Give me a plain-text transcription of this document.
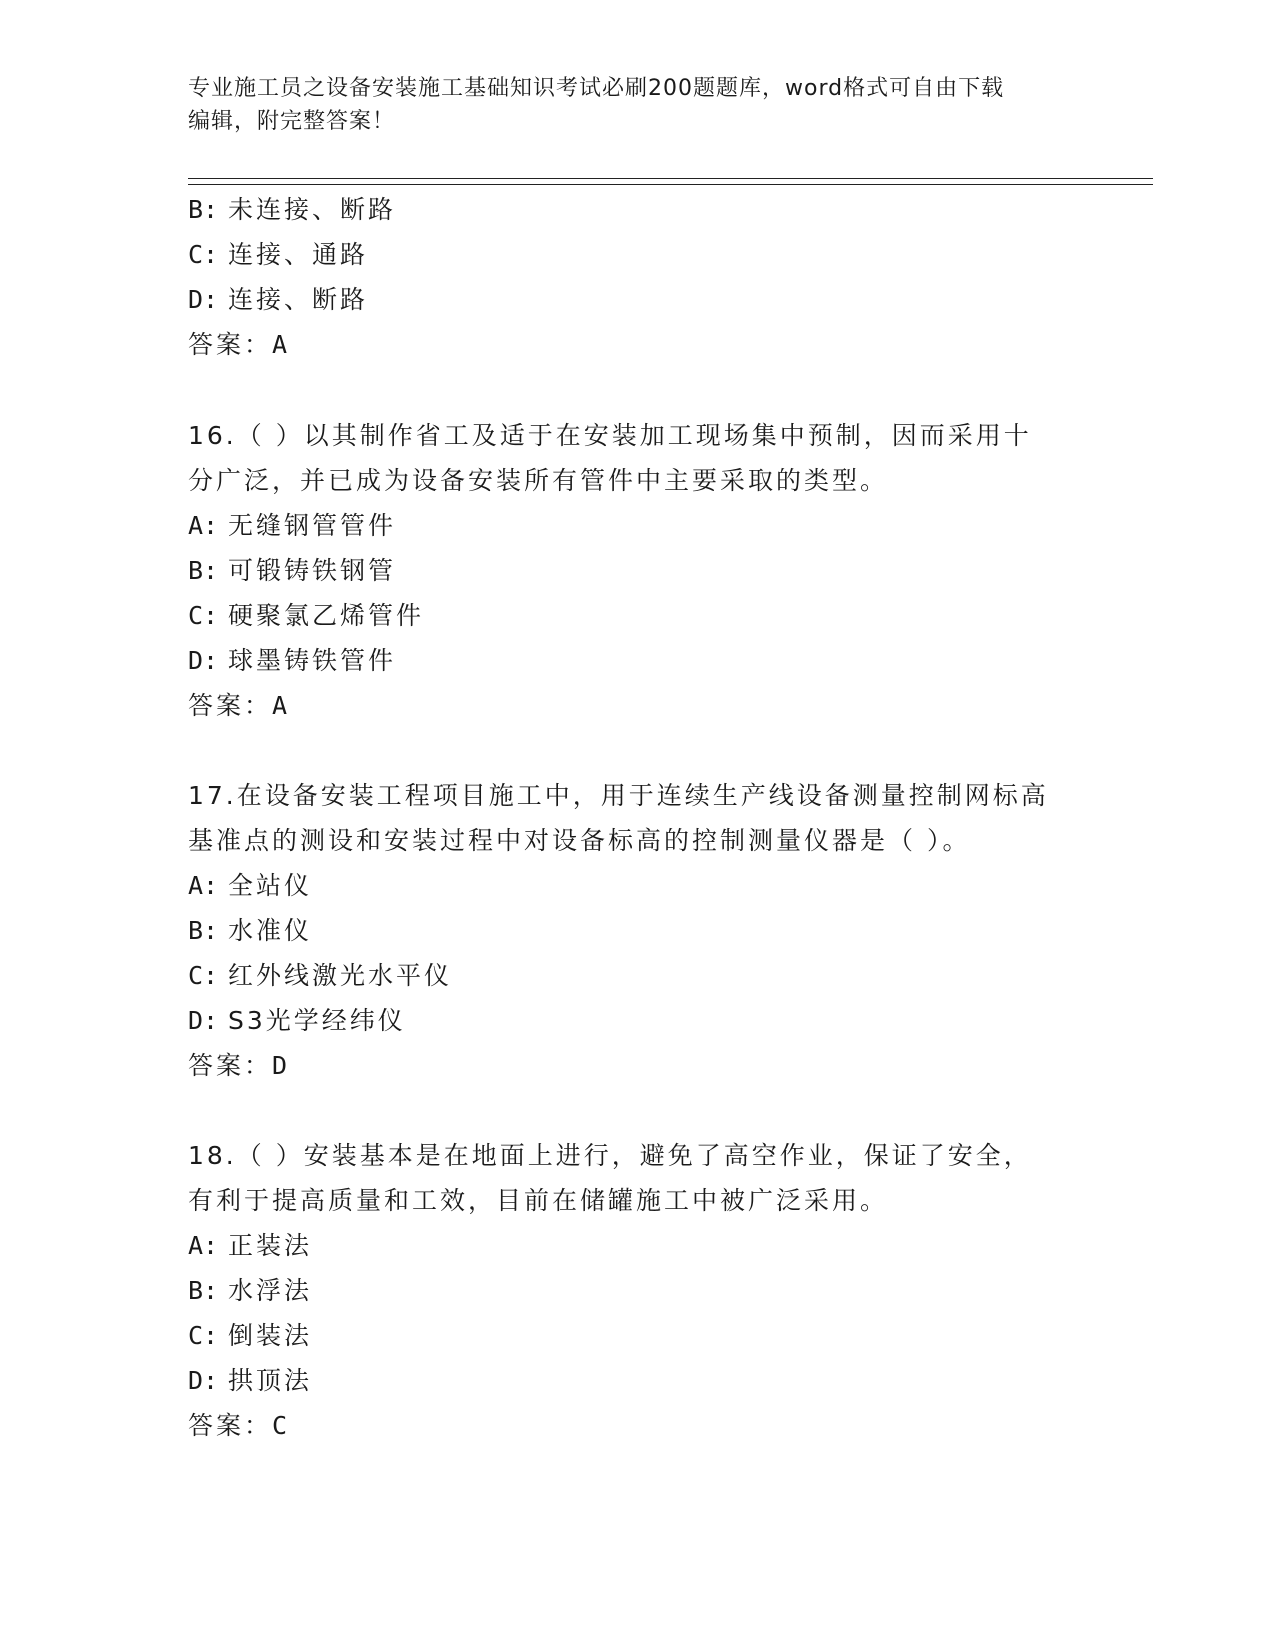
专业施工员之设备安装施工基础知识考试必刷200题题库，word格式可自由下载
编辑，附完整答案！
B: 未连接、断路
C: 连接、通路
D: 连接、断路
答案：A
16.（ ）以其制作省工及适于在安装加工现场集中预制，因而采用十
分广泛，并已成为设备安装所有管件中主要采取的类型。
A: 无缝钢管管件
B: 可锻铸铁钢管
C: 硬聚氯乙烯管件
D: 球墨铸铁管件
答案：A
17.在设备安装工程项目施工中，用于连续生产线设备测量控制网标高
基准点的测设和安装过程中对设备标高的控制测量仪器是（ ）。
A: 全站仪
B: 水准仪
C: 红外线激光水平仪
D: S3光学经纬仪
答案：D
18.（ ）安装基本是在地面上进行，避免了高空作业，保证了安全，
有利于提高质量和工效，目前在储罐施工中被广泛采用。
A: 正装法
B: 水浮法
C: 倒装法
D: 拱顶法
答案：C
